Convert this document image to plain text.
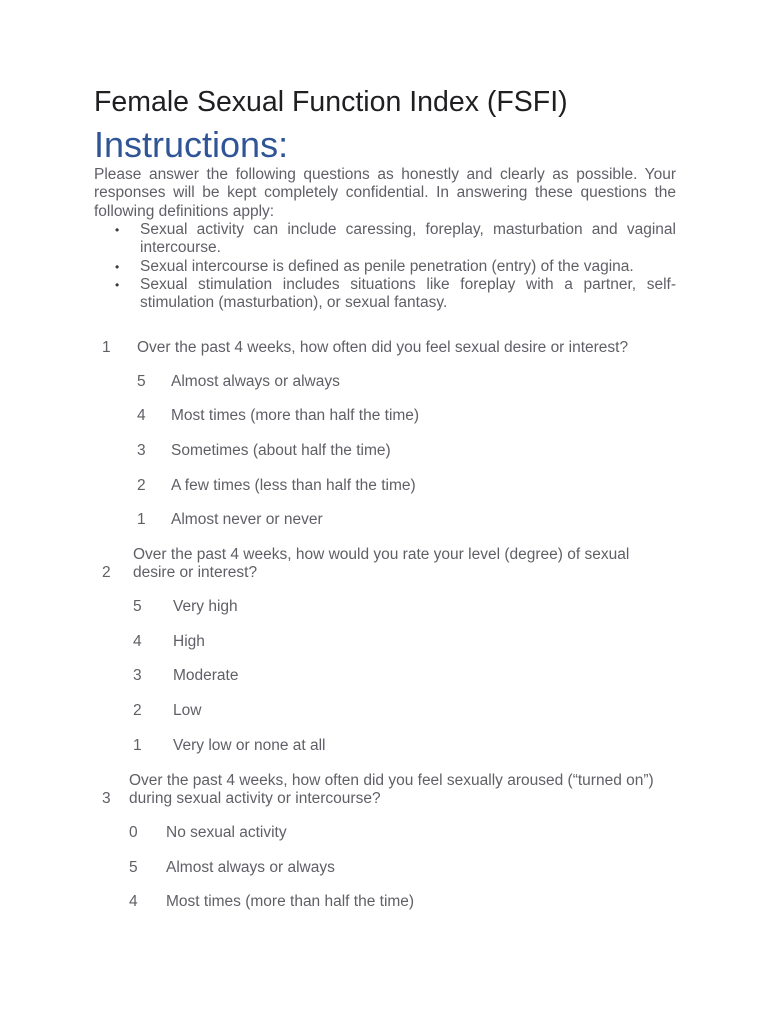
Female Sexual Function Index (FSFI)
Instructions:

Please answer the following questions as honestly and clearly as possible. Your responses will be kept completely confidential. In answering these questions the following definitions apply:

• Sexual activity can include caressing, foreplay, masturbation and vaginal intercourse.
• Sexual intercourse is defined as penile penetration (entry) of the vagina.
• Sexual stimulation includes situations like foreplay with a partner, self-stimulation (masturbation), or sexual fantasy.
1 Over the past 4 weeks, how often did you feel sexual desire or interest?
5 Almost always or always
4 Most times (more than half the time)
3 Sometimes (about half the time)
2 A few times (less than half the time)
1 Almost never or never
2
Over the past 4 weeks, how would you rate your level (degree) of sexual desire or interest?
5 Very high
4 High
3 Moderate
2 Low
1 Very low or none at all
3
Over the past 4 weeks, how often did you feel sexually aroused (“turned on”) during sexual activity or intercourse?
0 No sexual activity
5 Almost always or always
4 Most times (more than half the time)
